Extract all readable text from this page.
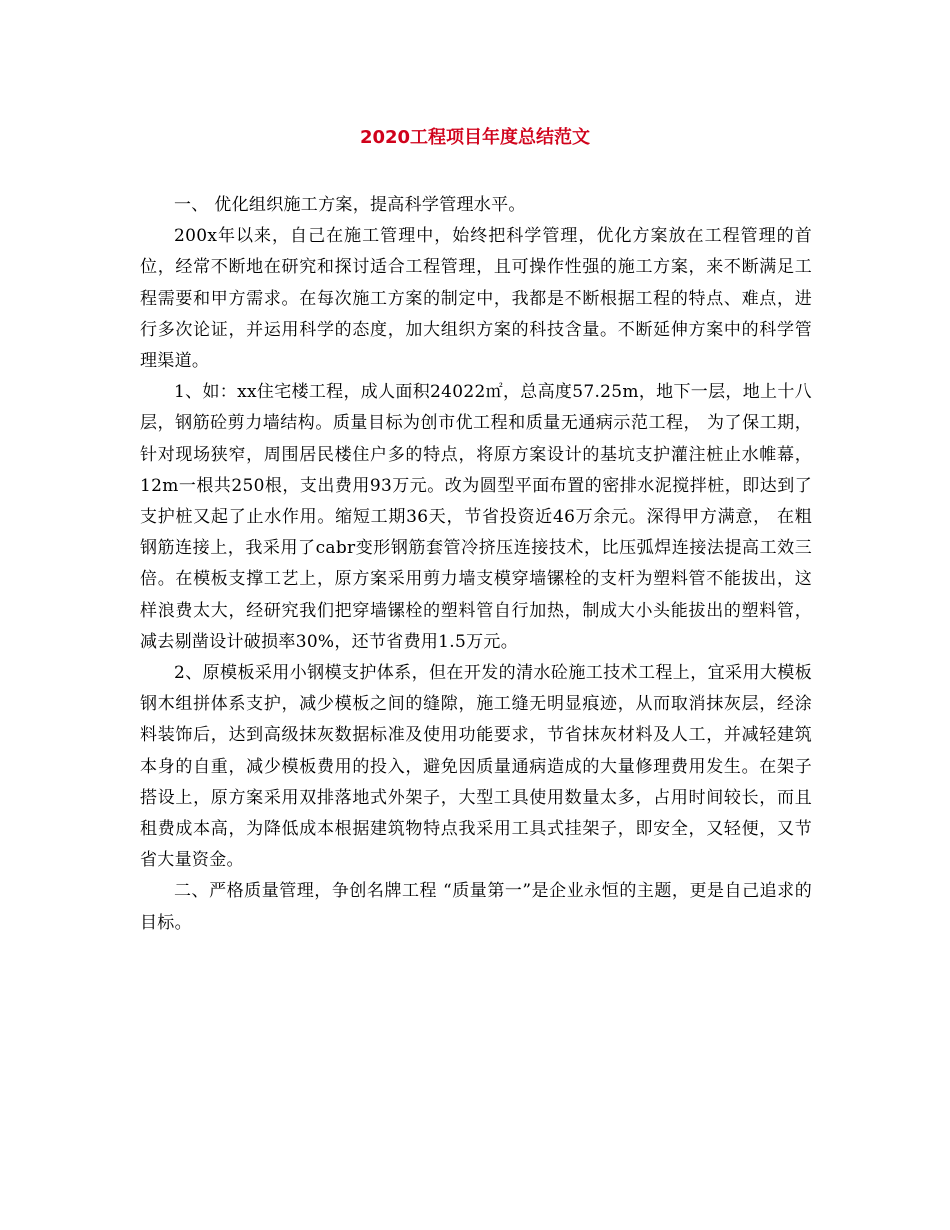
2020工程项目年度总结范文

一、 优化组织施工方案，提高科学管理水平。

200x年以来，自己在施工管理中，始终把科学管理，优化方案放在工程管理的首位，经常不断地在研究和探讨适合工程管理，且可操作性强的施工方案，来不断满足工程需要和甲方需求。在每次施工方案的制定中，我都是不断根据工程的特点、难点，进行多次论证，并运用科学的态度，加大组织方案的科技含量。不断延伸方案中的科学管理渠道。

1、如：xx住宅楼工程，成人面积24022㎡，总高度57.25m，地下一层，地上十八层，钢筋砼剪力墙结构。质量目标为创市优工程和质量无通病示范工程， 为了保工期，针对现场狭窄，周围居民楼住户多的特点，将原方案设计的基坑支护灌注桩止水帷幕，12m一根共250根，支出费用93万元。改为圆型平面布置的密排水泥搅拌桩，即达到了支护桩又起了止水作用。缩短工期36天，节省投资近46万余元。深得甲方满意， 在粗钢筋连接上，我采用了cabr变形钢筋套管冷挤压连接技术，比压弧焊连接法提高工效三倍。在模板支撑工艺上，原方案采用剪力墙支模穿墙镙栓的支杆为塑料管不能拔出，这样浪费太大，经研究我们把穿墙镙栓的塑料管自行加热，制成大小头能拔出的塑料管，减去剔凿设计破损率30%，还节省费用1.5万元。

2、原模板采用小钢模支护体系，但在开发的清水砼施工技术工程上，宜采用大模板钢木组拼体系支护，减少模板之间的缝隙，施工缝无明显痕迹，从而取消抹灰层，经涂料装饰后，达到高级抹灰数据标准及使用功能要求，节省抹灰材料及人工，并减轻建筑本身的自重，减少模板费用的投入，避免因质量通病造成的大量修理费用发生。在架子搭设上，原方案采用双排落地式外架子，大型工具使用数量太多，占用时间较长，而且租费成本高，为降低成本根据建筑物特点我采用工具式挂架子，即安全，又轻便，又节省大量资金。

二、严格质量管理，争创名牌工程 “质量第一”是企业永恒的主题，更是自己追求的目标。
